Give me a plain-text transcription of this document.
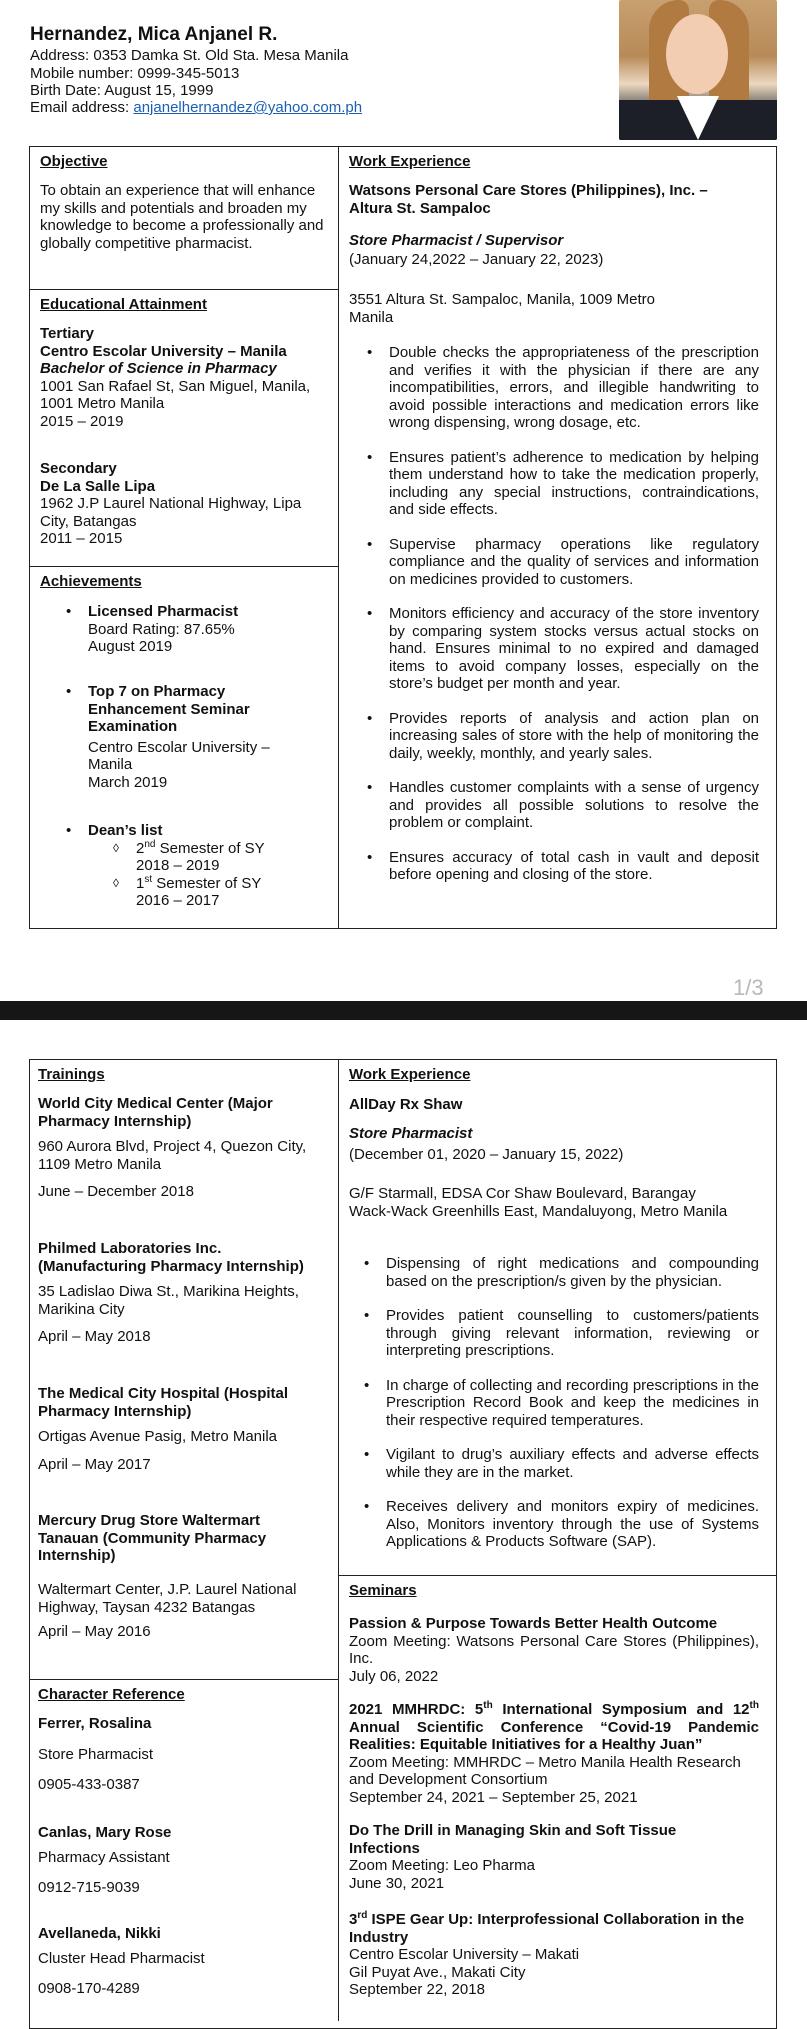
Hernandez, Mica Anjanel R.
Address: 0353 Damka St. Old Sta. Mesa Manila
Mobile number: 0999-345-5013
Birth Date: August 15, 1999
Email address: anjanelhernandez@yahoo.com.ph
Objective
To obtain an experience that will enhance my skills and potentials and broaden my knowledge to become a professionally and globally competitive pharmacist.
Educational Attainment
Tertiary
Centro Escolar University – Manila
Bachelor of Science in Pharmacy
1001 San Rafael St, San Miguel, Manila,
1001 Metro Manila
2015 – 2019
Secondary
De La Salle Lipa
1962 J.P Laurel National Highway, Lipa
City, Batangas
2011 – 2015
Achievements
• Licensed Pharmacist
Board Rating: 87.65%
August 2019
• Top 7 on Pharmacy
Enhancement Seminar
Examination
Centro Escolar University –
Manila
March 2019
• Dean’s list
◊ 2nd Semester of SY
2018 – 2019
◊ 1st Semester of SY
2016 – 2017
Work Experience
Watsons Personal Care Stores (Philippines), Inc. –
Altura St. Sampaloc
Store Pharmacist / Supervisor
(January 24,2022 – January 22, 2023)
3551 Altura St. Sampaloc, Manila, 1009 Metro Manila
• Double checks the appropriateness of the prescription and verifies it with the physician if there are any incompatibilities, errors, and illegible handwriting to avoid possible interactions and medication errors like wrong dispensing, wrong dosage, etc.
• Ensures patient’s adherence to medication by helping them understand how to take the medication properly, including any special instructions, contraindications, and side effects.
• Supervise pharmacy operations like regulatory compliance and the quality of services and information on medicines provided to customers.
• Monitors efficiency and accuracy of the store inventory by comparing system stocks versus actual stocks on hand. Ensures minimal to no expired and damaged items to avoid company losses, especially on the store’s budget per month and year.
• Provides reports of analysis and action plan on increasing sales of store with the help of monitoring the daily, weekly, monthly, and yearly sales.
• Handles customer complaints with a sense of urgency and provides all possible solutions to resolve the problem or complaint.
• Ensures accuracy of total cash in vault and deposit before opening and closing of the store.
1/3
Trainings
World City Medical Center (Major Pharmacy Internship)
960 Aurora Blvd, Project 4, Quezon City, 1109 Metro Manila
June – December 2018
Philmed Laboratories Inc. (Manufacturing Pharmacy Internship)
35 Ladislao Diwa St., Marikina Heights, Marikina City
April – May 2018
The Medical City Hospital (Hospital Pharmacy Internship)
Ortigas Avenue Pasig, Metro Manila
April – May 2017
Mercury Drug Store Waltermart Tanauan (Community Pharmacy Internship)
Waltermart Center, J.P. Laurel National Highway, Taysan 4232 Batangas
April – May 2016
Character Reference
Ferrer, Rosalina
Store Pharmacist
0905-433-0387
Canlas, Mary Rose
Pharmacy Assistant
0912-715-9039
Avellaneda, Nikki
Cluster Head Pharmacist
0908-170-4289
Work Experience
AllDay Rx Shaw
Store Pharmacist
(December 01, 2020 – January 15, 2022)
G/F Starmall, EDSA Cor Shaw Boulevard, Barangay Wack-Wack Greenhills East, Mandaluyong, Metro Manila
• Dispensing of right medications and compounding based on the prescription/s given by the physician.
• Provides patient counselling to customers/patients through giving relevant information, reviewing or interpreting prescriptions.
• In charge of collecting and recording prescriptions in the Prescription Record Book and keep the medicines in their respective required temperatures.
• Vigilant to drug’s auxiliary effects and adverse effects while they are in the market.
• Receives delivery and monitors expiry of medicines. Also, Monitors inventory through the use of Systems Applications & Products Software (SAP).
Seminars
Passion & Purpose Towards Better Health Outcome
Zoom Meeting: Watsons Personal Care Stores (Philippines), Inc.
July 06, 2022
2021 MMHRDC: 5th International Symposium and 12th Annual Scientific Conference “Covid-19 Pandemic Realities: Equitable Initiatives for a Healthy Juan”
Zoom Meeting: MMHRDC – Metro Manila Health Research and Development Consortium
September 24, 2021 – September 25, 2021
Do The Drill in Managing Skin and Soft Tissue Infections
Zoom Meeting: Leo Pharma
June 30, 2021
3rd ISPE Gear Up: Interprofessional Collaboration in the Industry
Centro Escolar University – Makati
Gil Puyat Ave., Makati City
September 22, 2018
